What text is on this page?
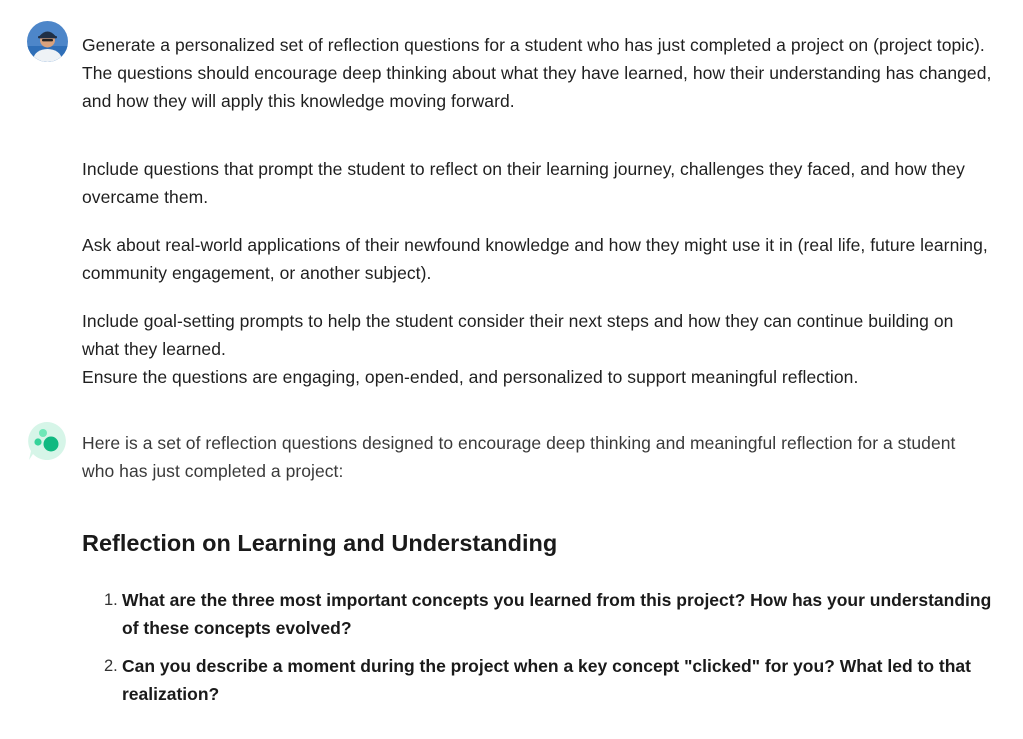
Generate a personalized set of reflection questions for a student who has just completed a project on (project topic). The questions should encourage deep thinking about what they have learned, how their understanding has changed, and how they will apply this knowledge moving forward.

Include questions that prompt the student to reflect on their learning journey, challenges they faced, and how they overcame them.

Ask about real-world applications of their newfound knowledge and how they might use it in (real life, future learning, community engagement, or another subject).

Include goal-setting prompts to help the student consider their next steps and how they can continue building on what they learned.

Ensure the questions are engaging, open-ended, and personalized to support meaningful reflection.

Here is a set of reflection questions designed to encourage deep thinking and meaningful reflection for a student who has just completed a project:

Reflection on Learning and Understanding
1. What are the three most important concepts you learned from this project? How has your understanding of these concepts evolved?
2. Can you describe a moment during the project when a key concept "clicked" for you? What led to that realization?
